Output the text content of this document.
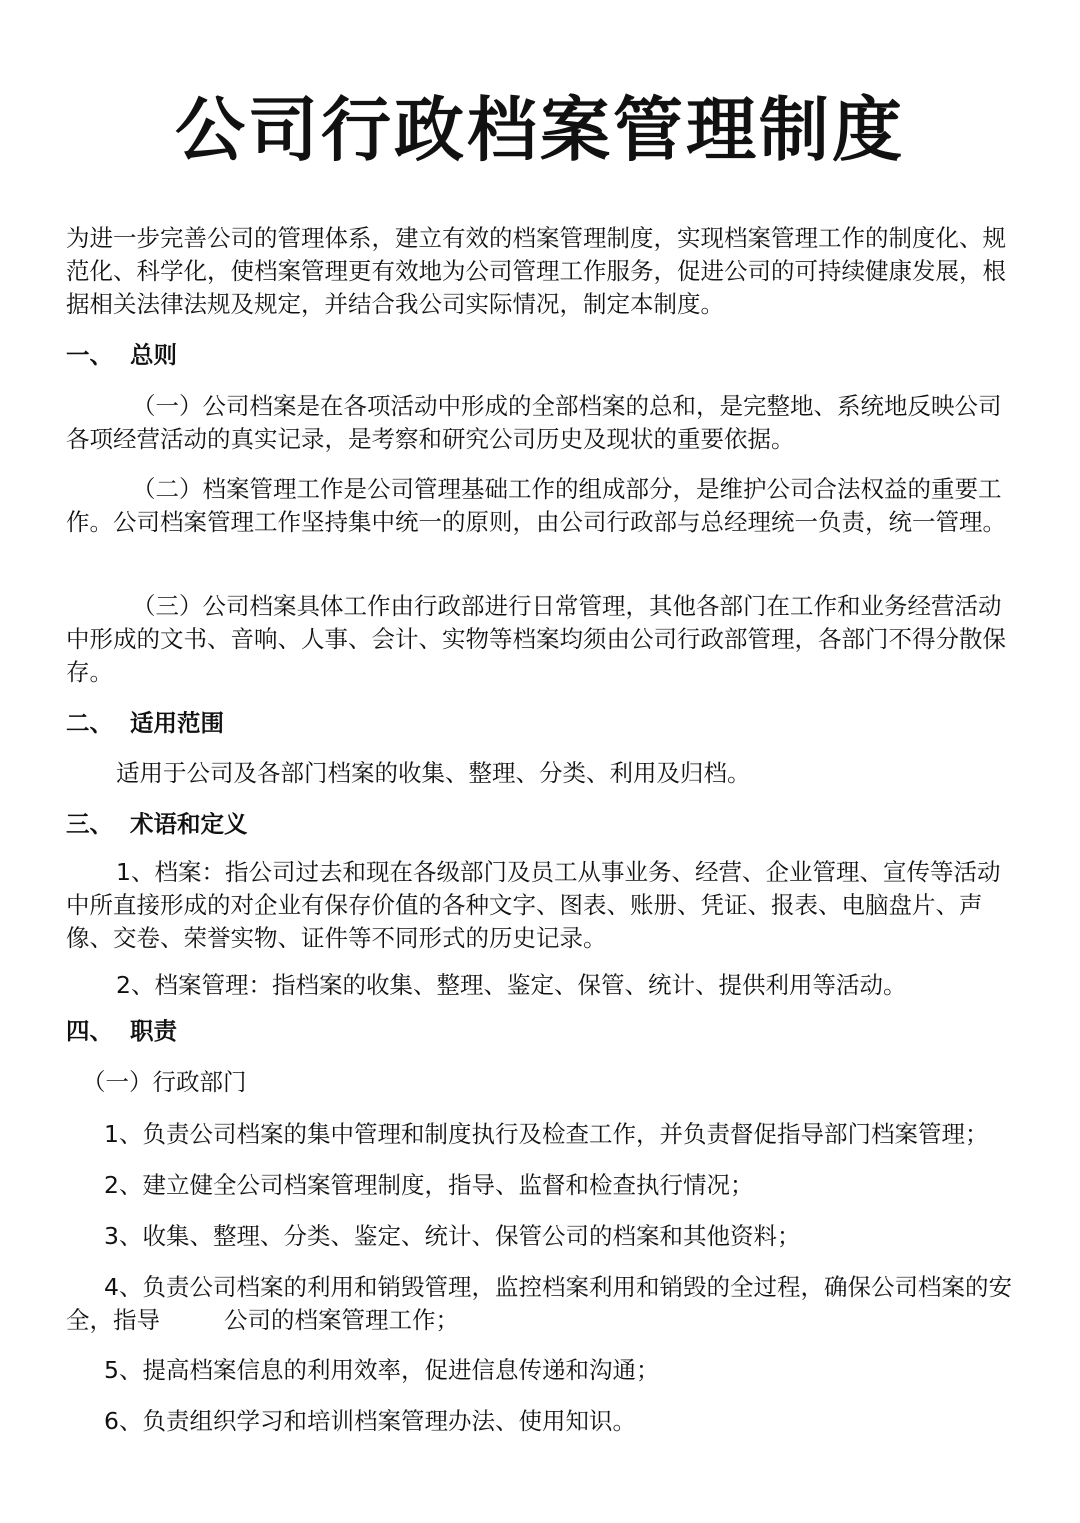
公司行政档案管理制度
为进一步完善公司的管理体系，建立有效的档案管理制度，实现档案管理工作的制度化、规范化、科学化，使档案管理更有效地为公司管理工作服务，促进公司的可持续健康发展，根据相关法律法规及规定，并结合我公司实际情况，制定本制度。
一、 总则
（一）公司档案是在各项活动中形成的全部档案的总和，是完整地、系统地反映公司各项经营活动的真实记录，是考察和研究公司历史及现状的重要依据。
（二）档案管理工作是公司管理基础工作的组成部分，是维护公司合法权益的重要工作。公司档案管理工作坚持集中统一的原则，由公司行政部与总经理统一负责，统一管理。
（三）公司档案具体工作由行政部进行日常管理，其他各部门在工作和业务经营活动中形成的文书、音响、人事、会计、实物等档案均须由公司行政部管理，各部门不得分散保存。
二、 适用范围
适用于公司及各部门档案的收集、整理、分类、利用及归档。
三、 术语和定义
1、档案：指公司过去和现在各级部门及员工从事业务、经营、企业管理、宣传等活动中所直接形成的对企业有保存价值的各种文字、图表、账册、凭证、报表、电脑盘片、声像、交卷、荣誉实物、证件等不同形式的历史记录。
2、档案管理：指档案的收集、整理、鉴定、保管、统计、提供利用等活动。
四、 职责
（一）行政部门
1、负责公司档案的集中管理和制度执行及检查工作，并负责督促指导部门档案管理；
2、建立健全公司档案管理制度，指导、监督和检查执行情况；
3、收集、整理、分类、鉴定、统计、保管公司的档案和其他资料；
4、负责公司档案的利用和销毁管理，监控档案利用和销毁的全过程，确保公司档案的安全，指导	公司的档案管理工作；
5、提高档案信息的利用效率，促进信息传递和沟通；
6、负责组织学习和培训档案管理办法、使用知识。
